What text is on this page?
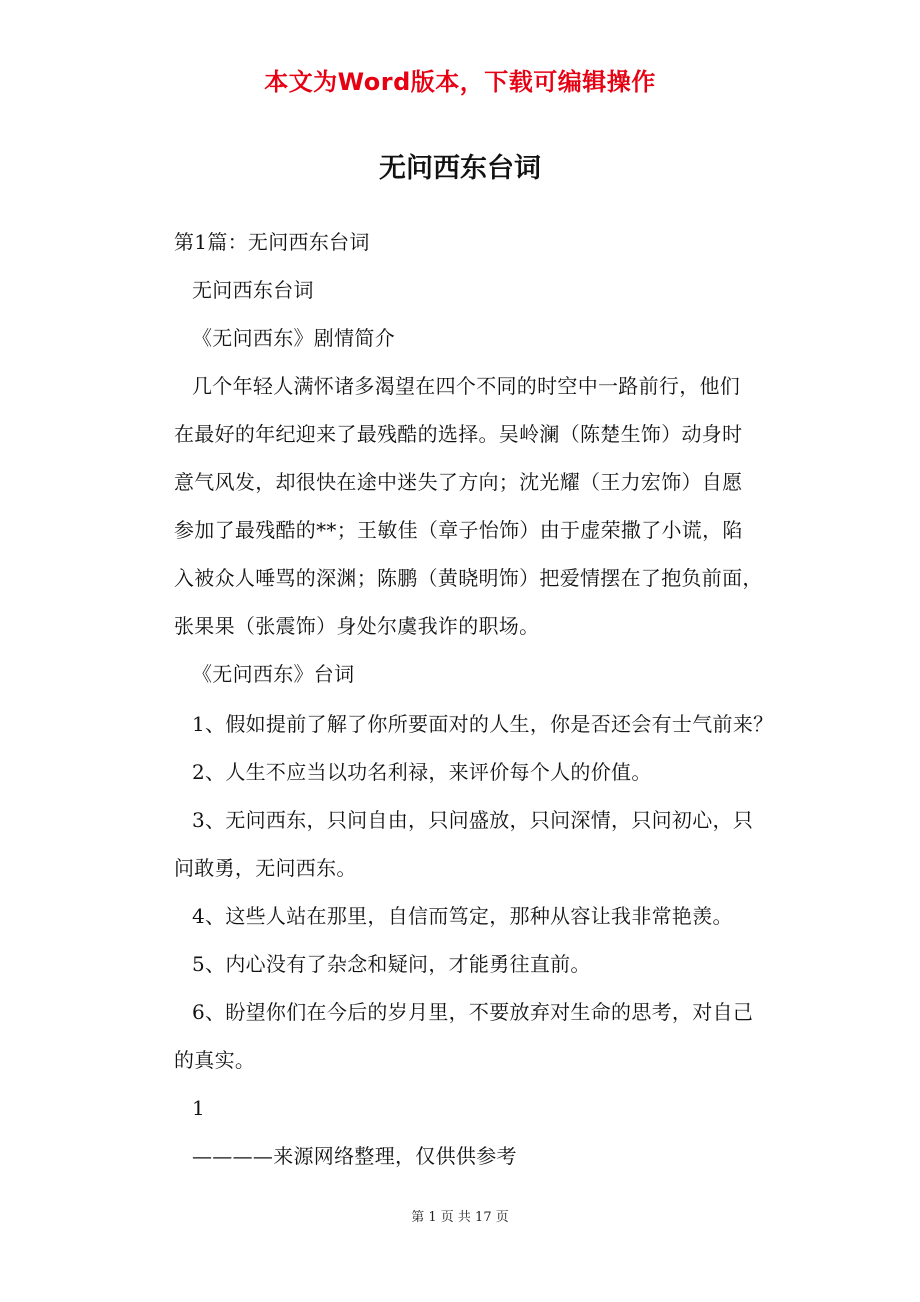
本文为Word版本，下载可编辑操作
无问西东台词
第1篇：无问西东台词
无问西东台词
《无问西东》剧情简介
几个年轻人满怀诸多渴望在四个不同的时空中一路前行，他们
在最好的年纪迎来了最残酷的选择。吴岭澜（陈楚生饰）动身时
意气风发，却很快在途中迷失了方向；沈光耀（王力宏饰）自愿
参加了最残酷的**；王敏佳（章子怡饰）由于虚荣撒了小谎，陷
入被众人唾骂的深渊；陈鹏（黄晓明饰）把爱情摆在了抱负前面，
张果果（张震饰）身处尔虞我诈的职场。
《无问西东》台词
1、假如提前了解了你所要面对的人生，你是否还会有士气前来？
2、人生不应当以功名利禄，来评价每个人的价值。
3、无问西东，只问自由，只问盛放，只问深情，只问初心，只
问敢勇，无问西东。
4、这些人站在那里，自信而笃定，那种从容让我非常艳羡。
5、内心没有了杂念和疑问，才能勇往直前。
6、盼望你们在今后的岁月里，不要放弃对生命的思考，对自己
的真实。
1
————来源网络整理，仅供供参考
第 1 页 共 17 页
